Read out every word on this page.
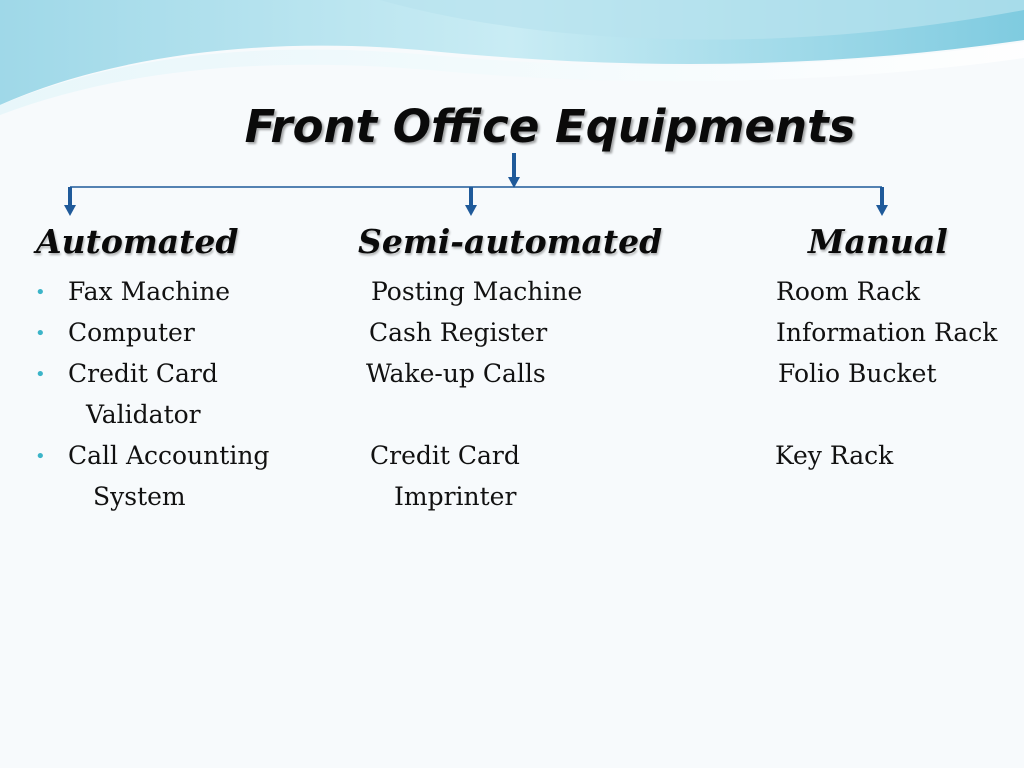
Front Office Equipments
Automated	Semi-automated	Manual
• Fax Machine
• Computer
• Credit Card
Validator
• Call Accounting
System
Posting Machine
Cash Register
Wake-up Calls
Credit Card
Imprinter
Room Rack
Information Rack
Folio Bucket
Key Rack
